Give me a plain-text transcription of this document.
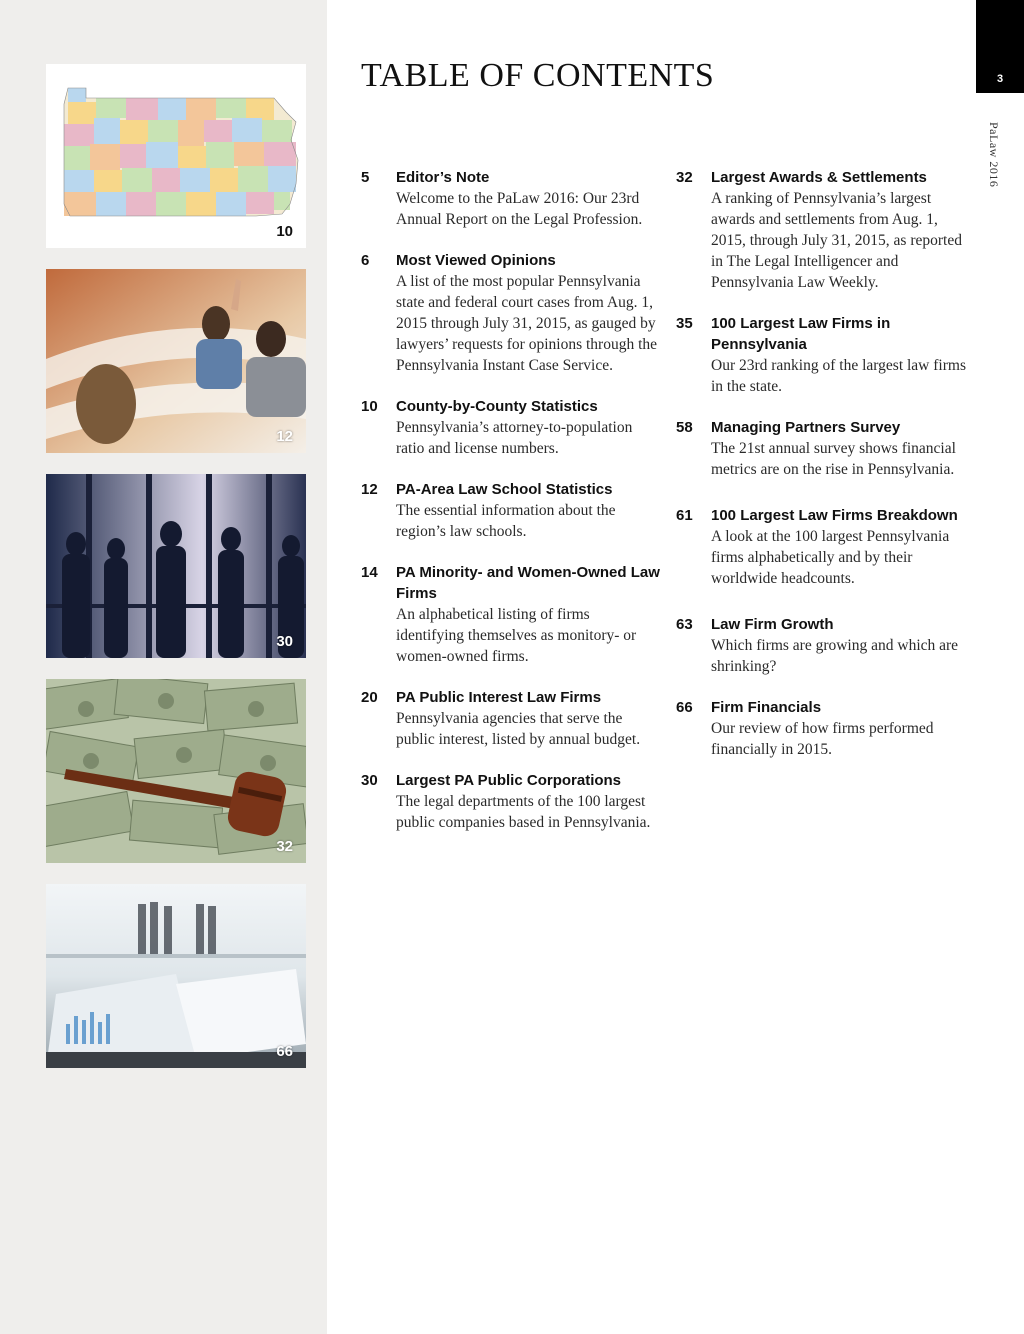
10
12
30
32
66
TABLE OF CONTENTS	3
PaLaw 2016
5 Editor’s Note
Welcome to the PaLaw 2016: Our 23rd Annual Report on the Legal Profession.
6 Most Viewed Opinions
A list of the most popular Pennsylvania state and federal court cases from Aug. 1, 2015 through July 31, 2015, as gauged by lawyers’ requests for opinions through the Pennsylvania Instant Case Service.
10 County-by-County Statistics
Pennsylvania’s attorney-to-population ratio and license numbers.
12 PA-Area Law School Statistics
The essential information about the region’s law schools.
14 PA Minority- and Women-Owned Law Firms
An alphabetical listing of firms identifying themselves as monitory- or women-owned firms.
20 PA Public Interest Law Firms
Pennsylvania agencies that serve the public interest, listed by annual budget.
30 Largest PA Public Corporations
The legal departments of the 100 largest public companies based in Pennsylvania.
32 Largest Awards & Settlements
A ranking of Pennsylvania’s largest awards and settlements from Aug. 1, 2015, through July 31, 2015, as reported in The Legal Intelligencer and Pennsylvania Law Weekly.
35 100 Largest Law Firms in Pennsylvania
Our 23rd ranking of the largest law firms in the state.
58 Managing Partners Survey
The 21st annual survey shows financial metrics are on the rise in Pennsylvania.
61 100 Largest Law Firms Breakdown
A look at the 100 largest Pennsylvania firms alphabetically and by their worldwide headcounts.
63 Law Firm Growth
Which firms are growing and which are shrinking?
66 Firm Financials
Our review of how firms performed financially in 2015.
